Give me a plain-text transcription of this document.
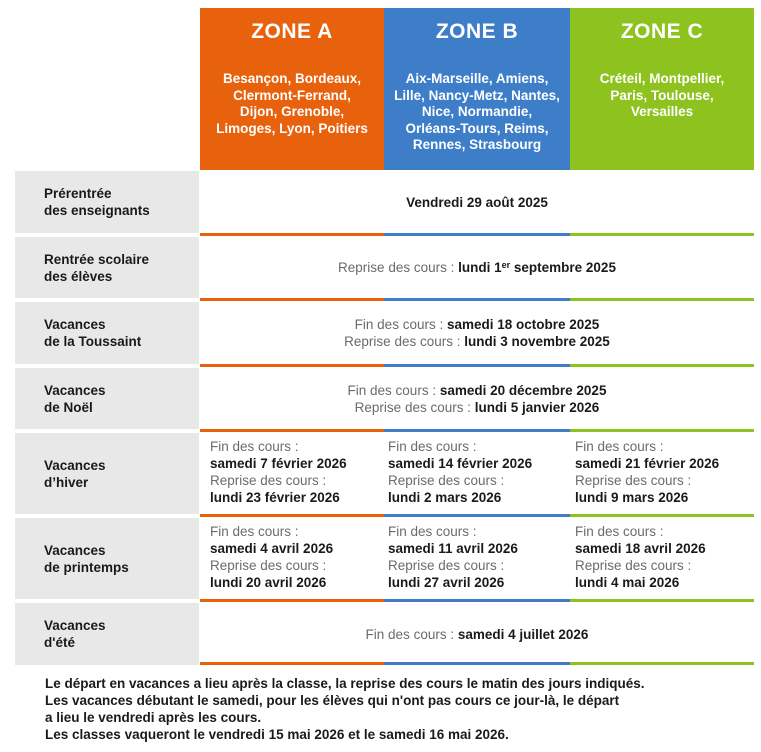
ZONE A	ZONE B	ZONE C
Besançon, Bordeaux,
Clermont-Ferrand,
Dijon, Grenoble,
Limoges, Lyon, Poitiers
Aix-Marseille, Amiens,
Lille, Nancy-Metz, Nantes,
Nice, Normandie,
Orléans-Tours, Reims,
Rennes, Strasbourg
Créteil, Montpellier,
Paris, Toulouse,
Versailles
Prérentrée
des enseignants
Vendredi 29 août 2025
Rentrée scolaire
des élèves
Reprise des cours : lundi 1er septembre 2025
Vacances
de la Toussaint
Fin des cours : samedi 18 octobre 2025
Reprise des cours : lundi 3 novembre 2025
Vacances
de Noël
Fin des cours : samedi 20 décembre 2025
Reprise des cours : lundi 5 janvier 2026
Vacances
d’hiver
Fin des cours :
samedi 7 février 2026
Reprise des cours :
lundi 23 février 2026
Fin des cours :
samedi 14 février 2026
Reprise des cours :
lundi 2 mars 2026
Fin des cours :
samedi 21 février 2026
Reprise des cours :
lundi 9 mars 2026
Vacances
de printemps
Fin des cours :
samedi 4 avril 2026
Reprise des cours :
lundi 20 avril 2026
Fin des cours :
samedi 11 avril 2026
Reprise des cours :
lundi 27 avril 2026
Fin des cours :
samedi 18 avril 2026
Reprise des cours :
lundi 4 mai 2026
Vacances
d'été
Fin des cours : samedi 4 juillet 2026
Le départ en vacances a lieu après la classe, la reprise des cours le matin des jours indiqués.
Les vacances débutant le samedi, pour les élèves qui n'ont pas cours ce jour-là, le départ
a lieu le vendredi après les cours.
Les classes vaqueront le vendredi 15 mai 2026 et le samedi 16 mai 2026.
